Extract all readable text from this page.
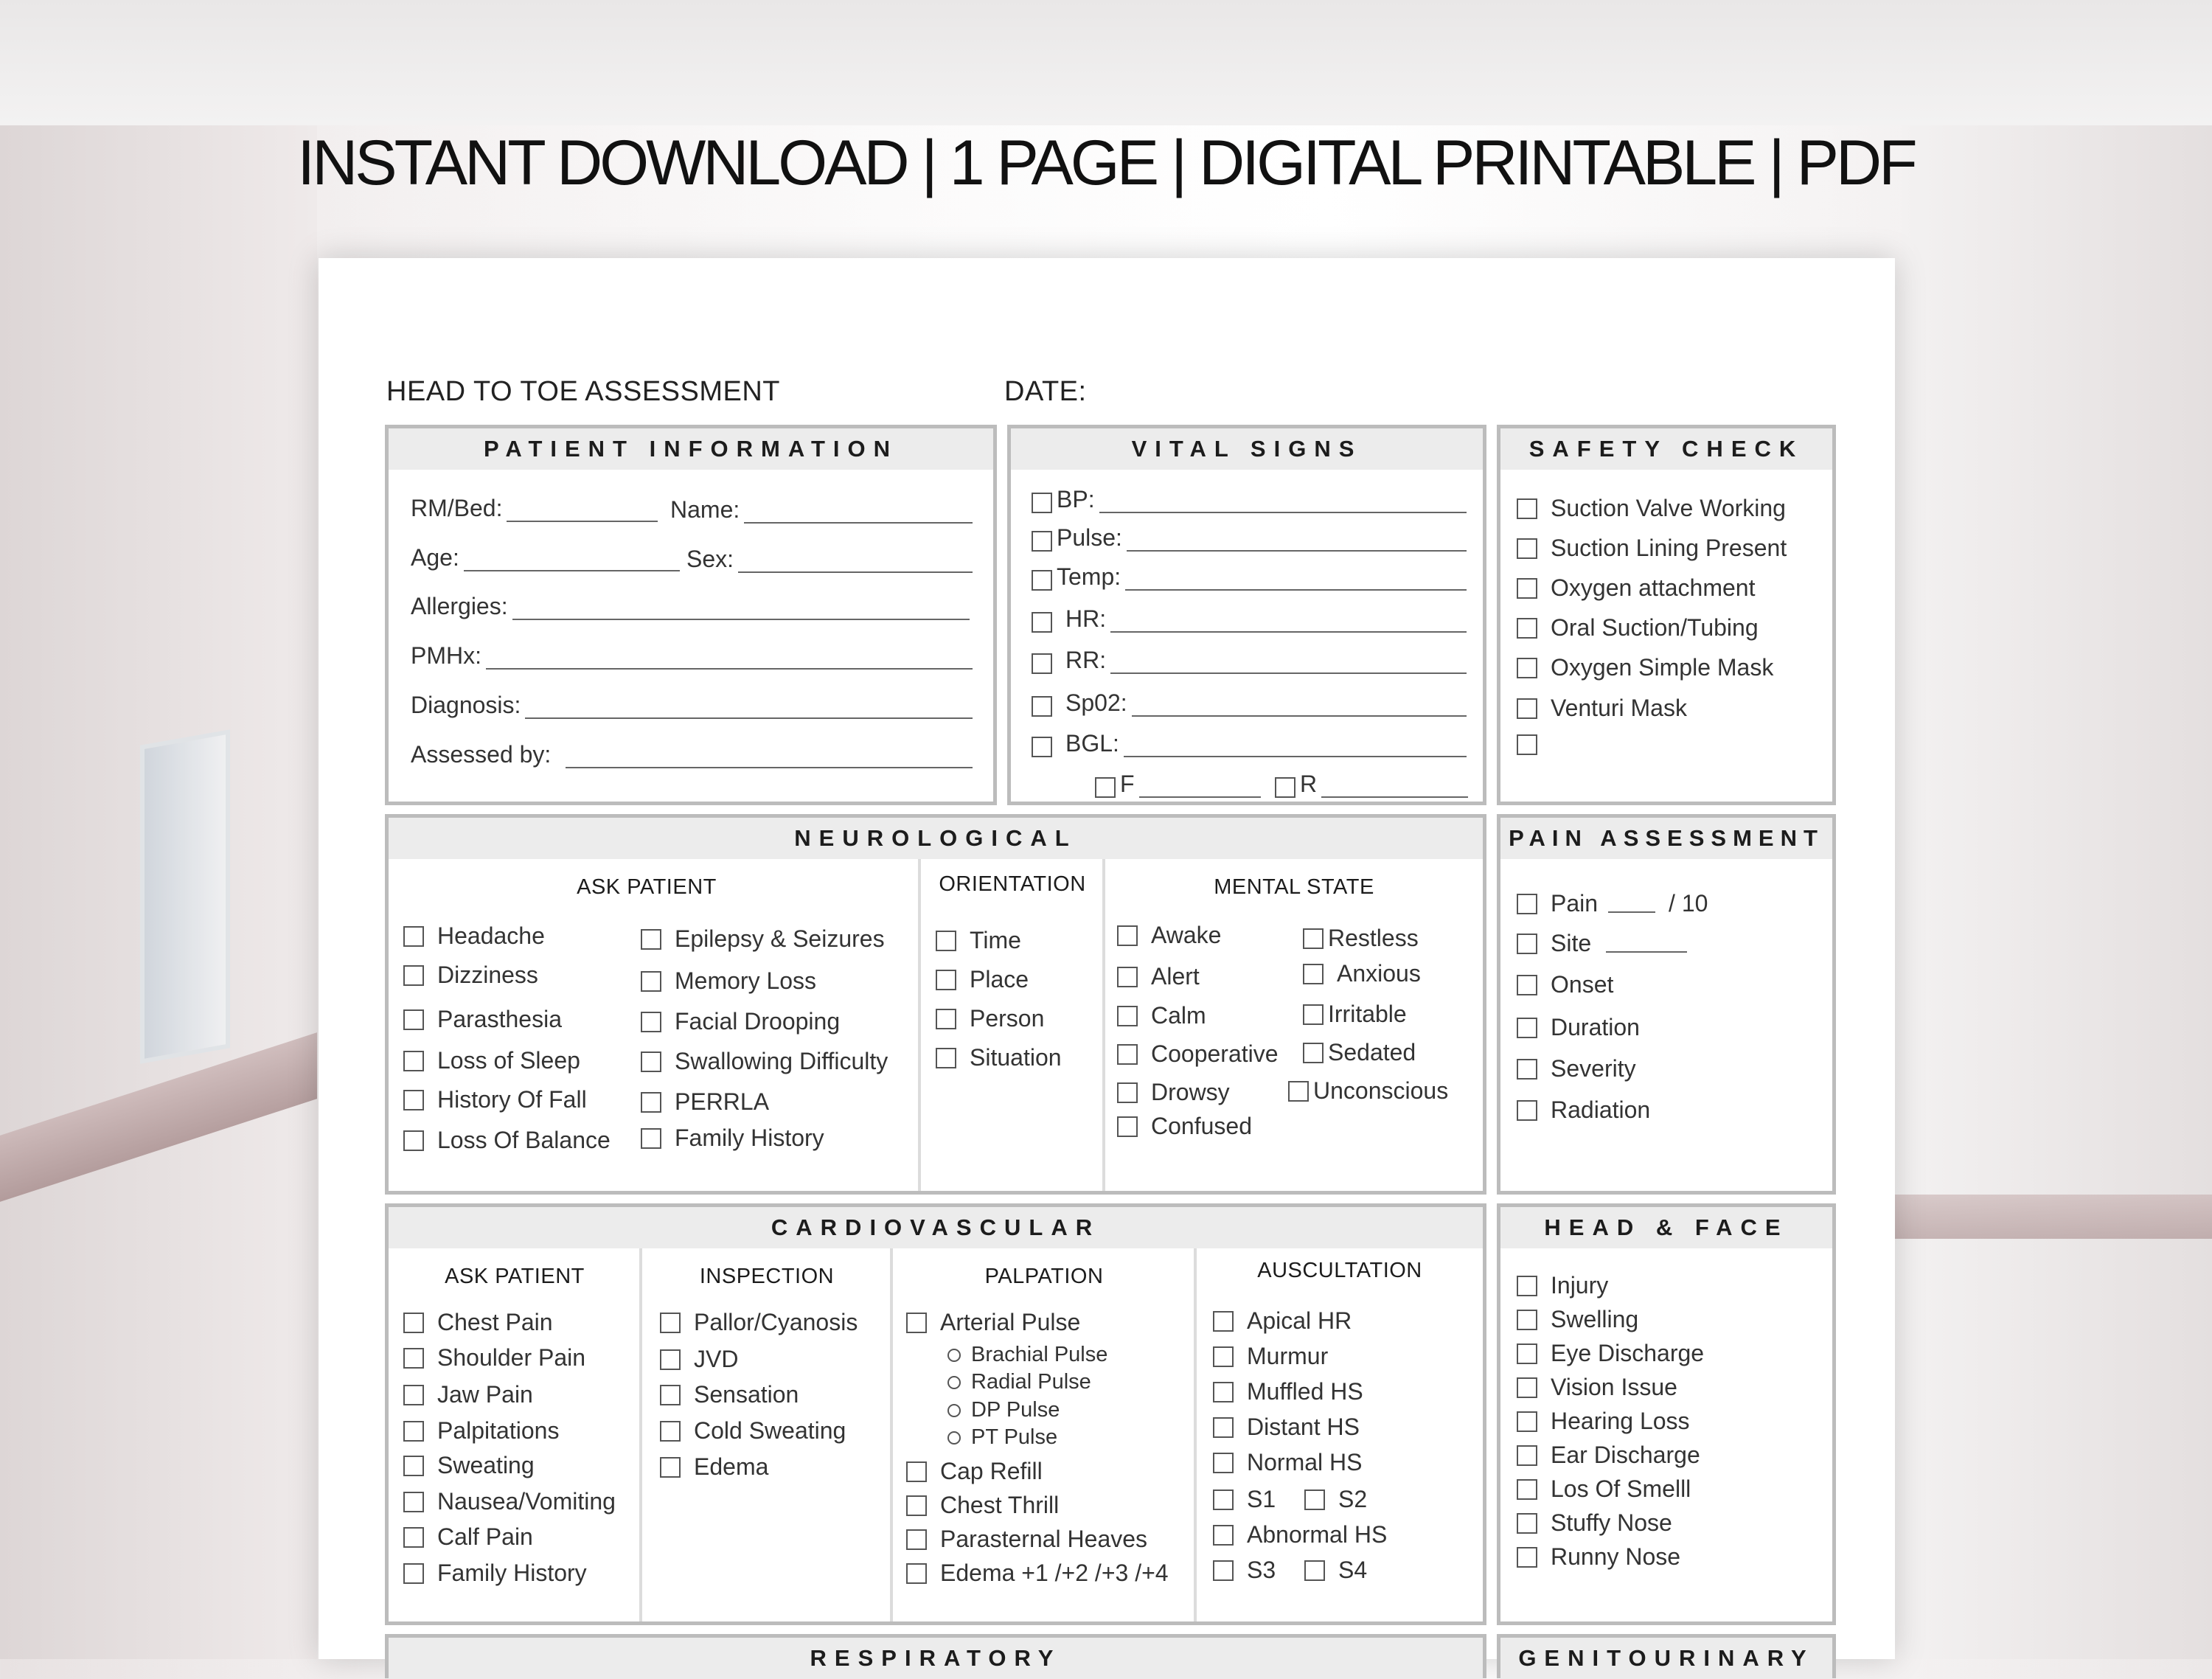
INSTANT DOWNLOAD | 1 PAGE | DIGITAL PRINTABLE | PDF
HEAD TO TOE ASSESSMENT	DATE:
PATIENT INFORMATION
RM/Bed:	Name:
Age:	Sex:
Allergies:
PMHx:
Diagnosis:
Assessed by:
VITAL SIGNS
BP:
Pulse:
Temp:
HR:
RR:
Sp02:
BGL:
F	R
SAFETY CHECK
Suction Valve Working
Suction Lining Present
Oxygen attachment
Oral Suction/Tubing
Oxygen Simple Mask
Venturi Mask
NEUROLOGICAL
ASK PATIENT
Headache
Dizziness
Parasthesia
Loss of Sleep
History Of Fall
Loss Of Balance
Epilepsy & Seizures
Memory Loss
Facial Drooping
Swallowing Difficulty
PERRLA
Family History
ORIENTATION
Time
Place
Person
Situation
MENTAL STATE
Awake
Alert
Calm
Cooperative
Drowsy
Confused
Restless
Anxious
Irritable
Sedated
Unconscious
PAIN ASSESSMENT
Pain	/ 10
Site
Onset
Duration
Severity
Radiation
CARDIOVASCULAR
ASK PATIENT
Chest Pain
Shoulder Pain
Jaw Pain
Palpitations
Sweating
Nausea/Vomiting
Calf Pain
Family History
INSPECTION
Pallor/Cyanosis
JVD
Sensation
Cold Sweating
Edema
PALPATION
Arterial Pulse
Brachial Pulse
Radial Pulse
DP Pulse
PT Pulse
Cap Refill
Chest Thrill
Parasternal Heaves
Edema +1 /+2 /+3 /+4
AUSCULTATION
Apical HR
Murmur
Muffled HS
Distant HS
Normal HS
S1	S2
Abnormal HS
S3	S4
HEAD & FACE
Injury
Swelling
Eye Discharge
Vision Issue
Hearing Loss
Ear Discharge
Los Of Smelll
Stuffy Nose
Runny Nose
RESPIRATORY	GENITOURINARY
